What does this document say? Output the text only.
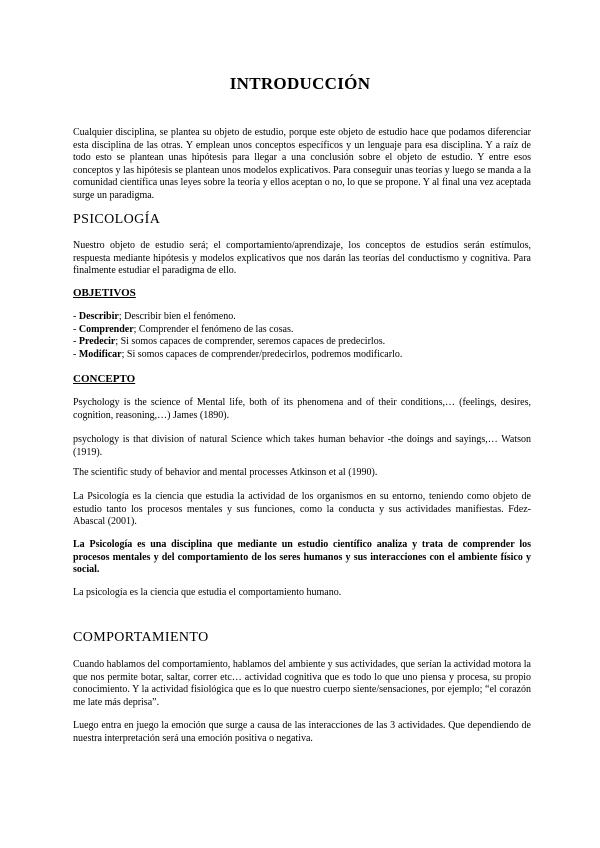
INTRODUCCIÓN
Cualquier disciplina, se plantea su objeto de estudio, porque este objeto de estudio hace que podamos diferenciar esta disciplina de las otras. Y emplean unos conceptos específicos y un lenguaje para esa disciplina. Y a raíz de todo esto se plantean unas hipótesis para llegar a una conclusión sobre el objeto de estudio. Y entre esos conceptos y las hipótesis se plantean unos modelos explicativos. Para conseguir unas teorías y luego se manda a la comunidad científica unas leyes sobre la teoría y ellos aceptan o no, lo que se propone. Y al final una vez aceptada surge un paradigma.
PSICOLOGÍA
Nuestro objeto de estudio será; el comportamiento/aprendizaje, los conceptos de estudios serán estímulos, respuesta mediante hipótesis y modelos explicativos que nos darán las teorías del conductismo y cognitiva. Para finalmente estudiar el paradigma de ello.
OBJETIVOS
- Describir; Describir bien el fenómeno.
- Comprender; Comprender el fenómeno de las cosas.
- Predecir; Si somos capaces de comprender, seremos capaces de predecirlos.
- Modificar; Si somos capaces de comprender/predecirlos, podremos modificarlo.
CONCEPTO
Psychology is the science of Mental life, both of its phenomena and of their conditions,… (feelings, desires, cognition, reasoning,…) James (1890).
psychology is that division of natural Science which takes human behavior -the doings and sayings,… Watson (1919).
The scientific study of behavior and mental processes Atkinson et al (1990).
La Psicología es la ciencia que estudia la actividad de los organismos en su entorno, teniendo como objeto de estudio tanto los procesos mentales y sus funciones, como la conducta y sus actividades manifiestas. Fdez-Abascal (2001).
La Psicología es una disciplina que mediante un estudio científico analiza y trata de comprender los procesos mentales y del comportamiento de los seres humanos y sus interacciones con el ambiente físico y social.
La psicología es la ciencia que estudia el comportamiento humano.
COMPORTAMIENTO
Cuando hablamos del comportamiento, hablamos del ambiente y sus actividades, que serían la actividad motora la que nos permite botar, saltar, correr etc… actividad cognitiva que es todo lo que uno piensa y procesa, su propio conocimiento. Y la actividad fisiológica que es lo que nuestro cuerpo siente/sensaciones, por ejemplo; “el corazón me late más deprisa”.
Luego entra en juego la emoción que surge a causa de las interacciones de las 3 actividades. Que dependiendo de nuestra interpretación será una emoción positiva o negativa.
